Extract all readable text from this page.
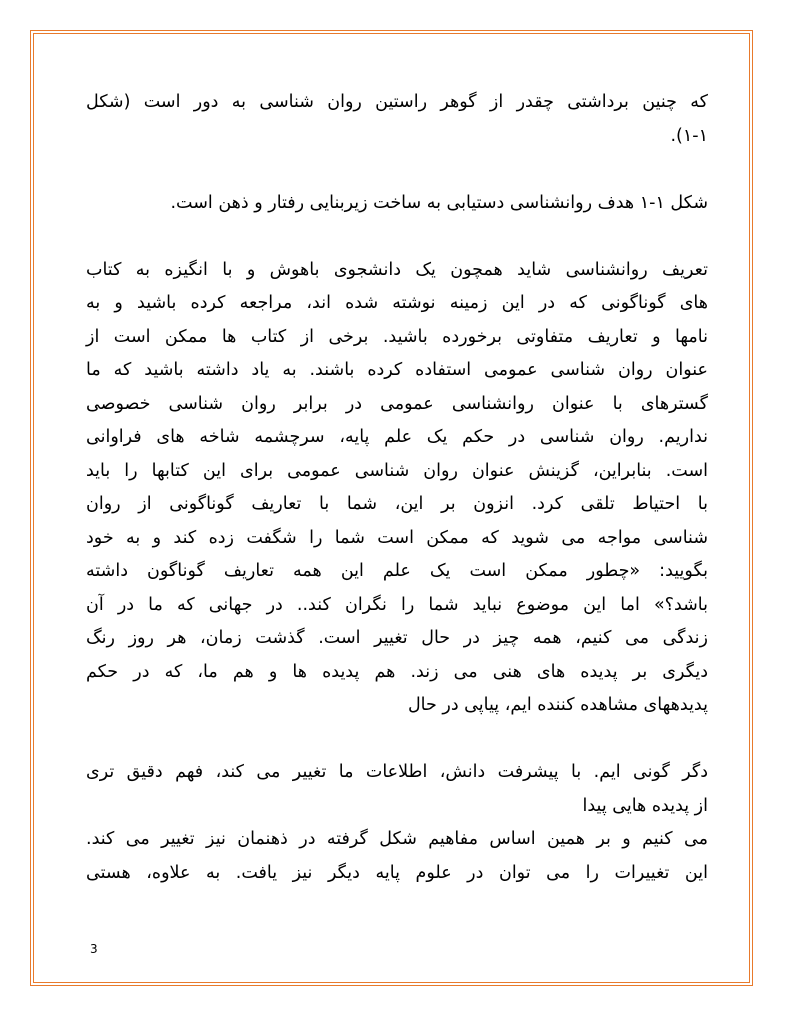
که چنین برداشتی چقدر از گوهر راستین روان شناسی به دور است (شکل
۱-۱).

شکل ۱-۱ هدف روانشناسی دستیابی به ساخت زیربنایی رفتار و ذهن است.

تعریف روانشناسی شاید همچون یک دانشجوی باهوش و با انگیزه به کتاب
های گوناگونی که در این زمینه نوشته شده اند، مراجعه کرده باشید و به
نامها و تعاریف متفاوتی برخورده باشید. برخی از کتاب ها ممکن است از
عنوان روان شناسی عمومی استفاده کرده باشند. به یاد داشته باشید که ما
گسترهای با عنوان روانشناسی عمومی در برابر روان شناسی خصوصی
نداریم. روان شناسی در حکم یک علم پایه، سرچشمه شاخه های فراوانی
است. بنابراین، گزینش عنوان روان شناسی عمومی برای این کتابها را باید
با احتیاط تلقی کرد. انزون بر این، شما با تعاریف گوناگونی از روان
شناسی مواجه می شوید که ممکن است شما را شگفت زده کند و به خود
بگویید: «چطور ممکن است یک علم این همه تعاریف گوناگون داشته
باشد؟» اما این موضوع نباید شما را نگران کند.. در جهانی که ما در آن
زندگی می کنیم، همه چیز در حال تغییر است. گذشت زمان، هر روز رنگ
دیگری بر پدیده های هنی می زند. هم پدیده ها و هم ما، که در حکم
پدیدههای مشاهده کننده ایم، پیاپی در حال

دگر گونی ایم. با پیشرفت دانش، اطلاعات ما تغییر می کند، فهم دقیق تری
از پدیده هایی پیدا
می کنیم و بر همین اساس مفاهیم شکل گرفته در ذهنمان نیز تغییر می کند.
این تغییرات را می توان در علوم پایه دیگر نیز یافت. به علاوه، هستی

3
